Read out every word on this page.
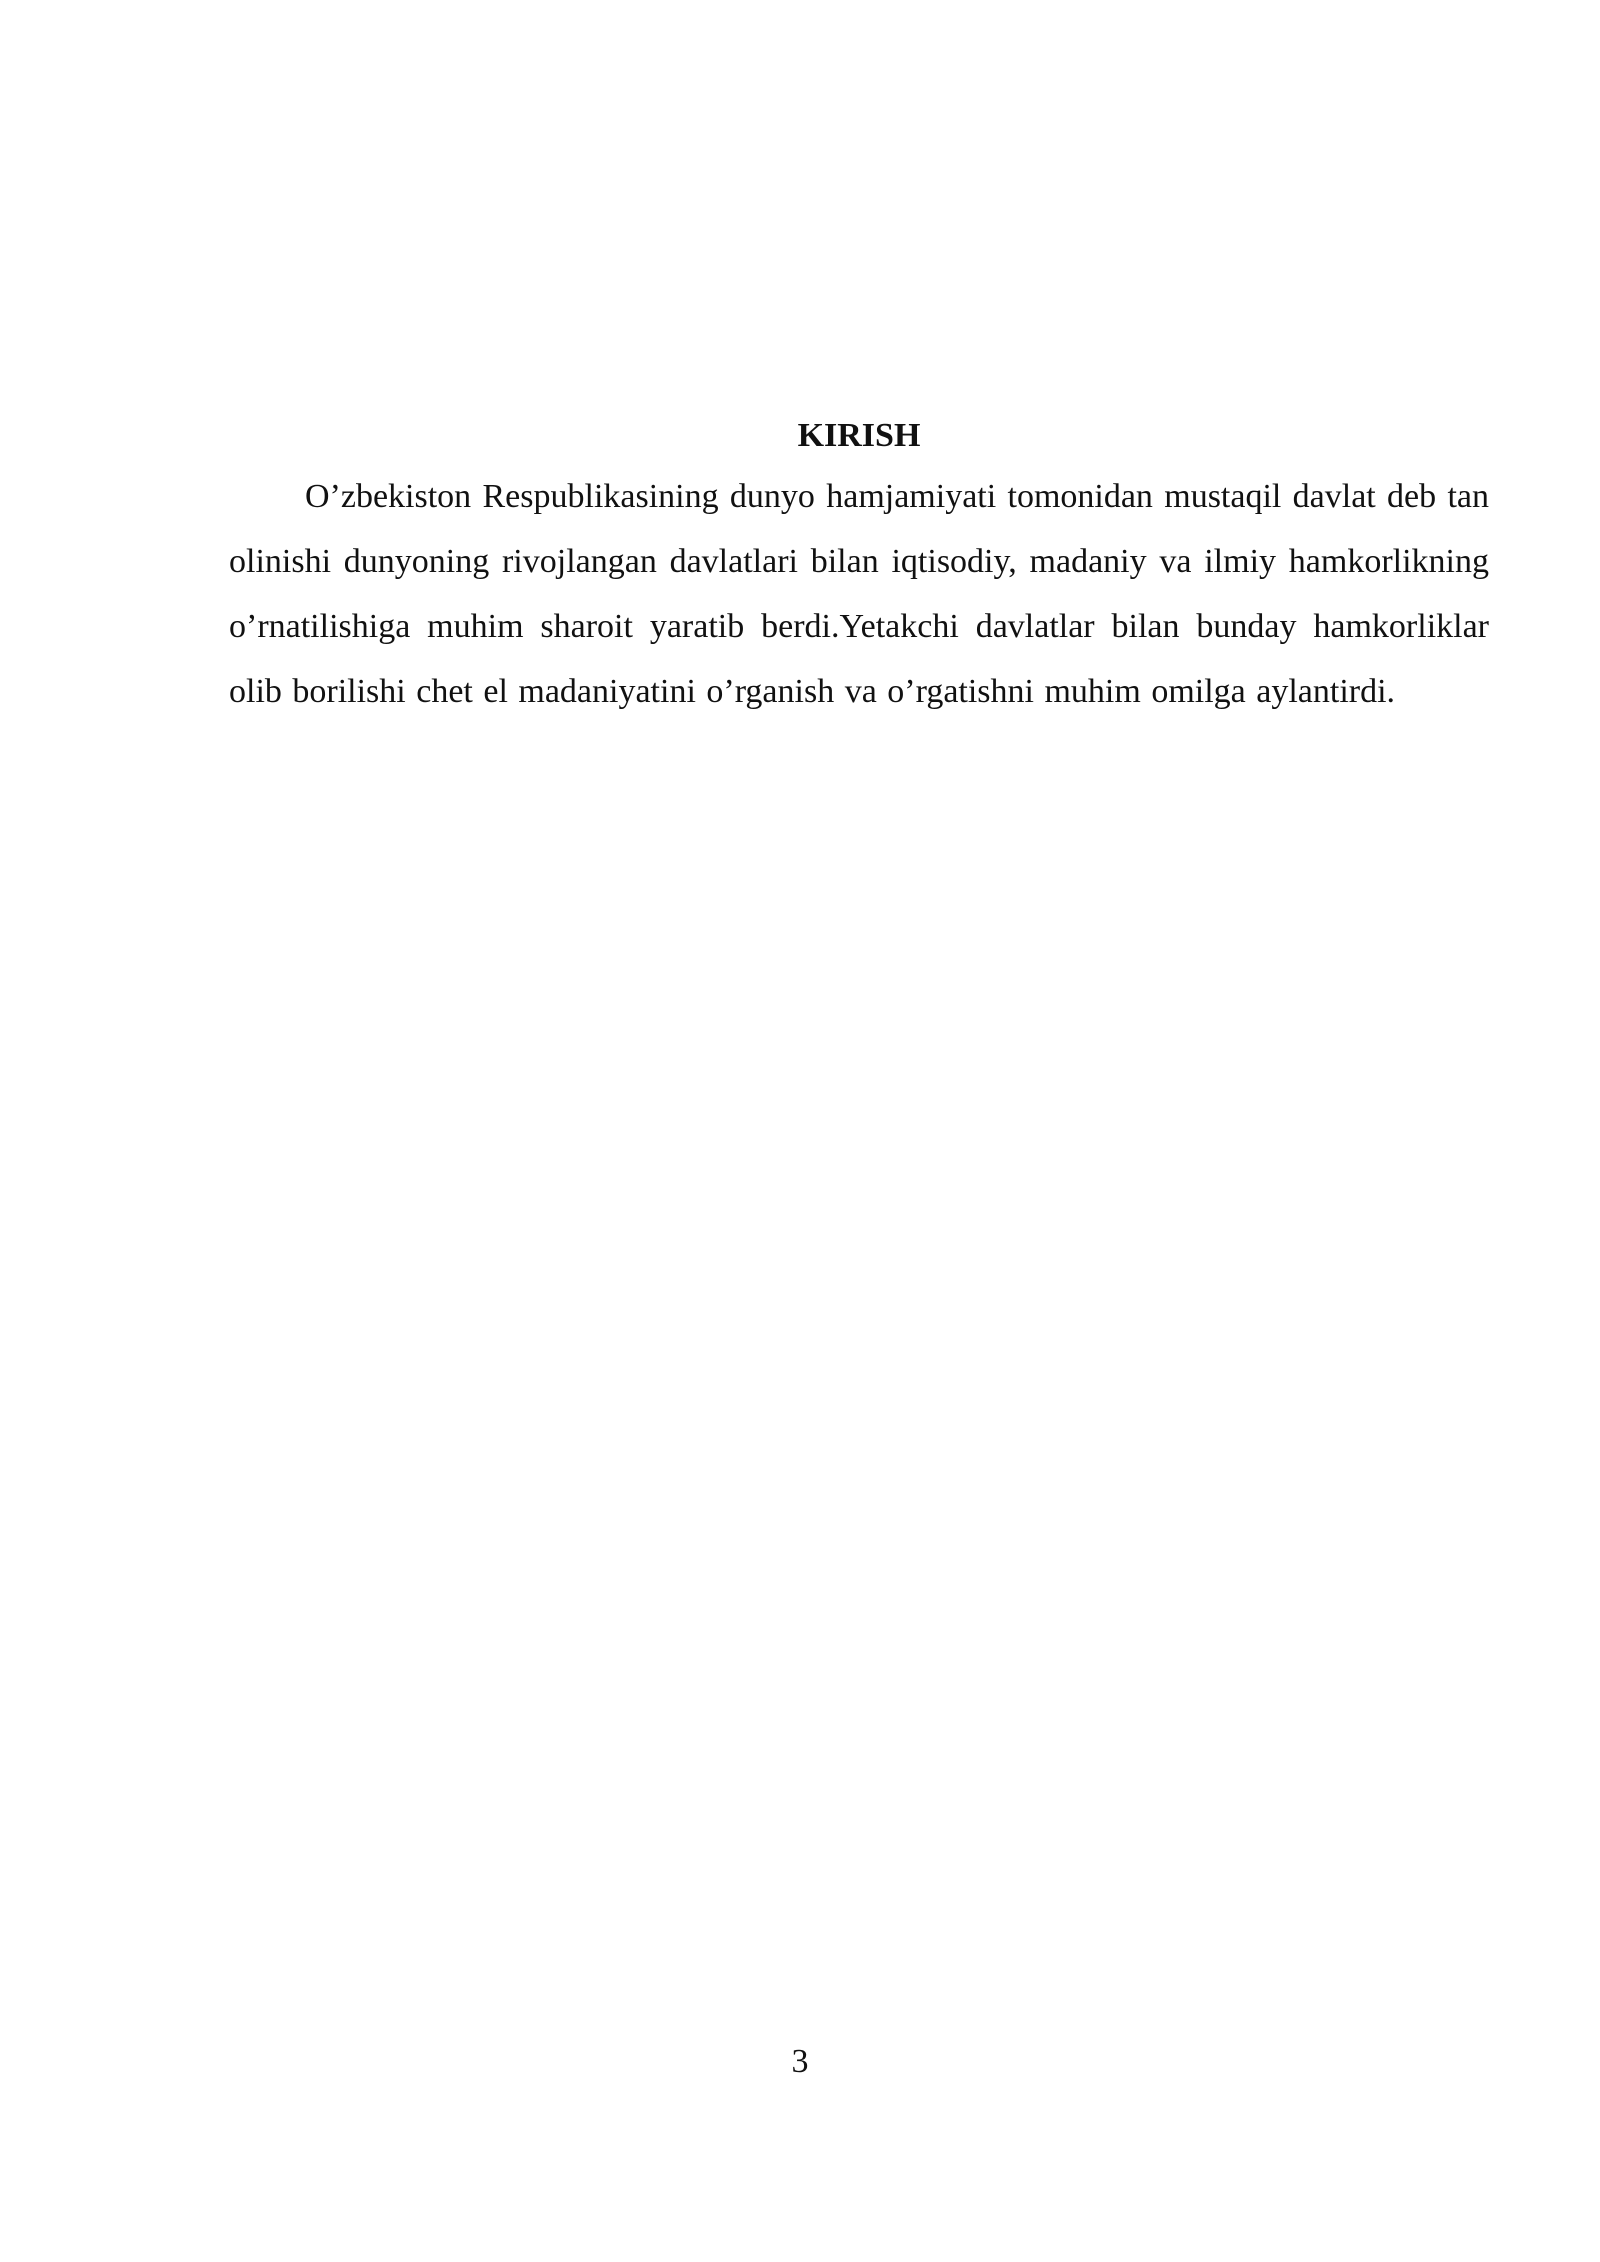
KIRISH

O’zbekiston Respublikasining dunyo hamjamiyati tomonidan mustaqil davlat deb tan olinishi dunyoning rivojlangan davlatlari bilan iqtisodiy, madaniy va ilmiy hamkorlikning o’rnatilishiga muhim sharoit yaratib berdi.Yetakchi davlatlar bilan bunday hamkorliklar olib borilishi chet el madaniyatini o’rganish va o’rgatishni muhim omilga aylantirdi.

3
